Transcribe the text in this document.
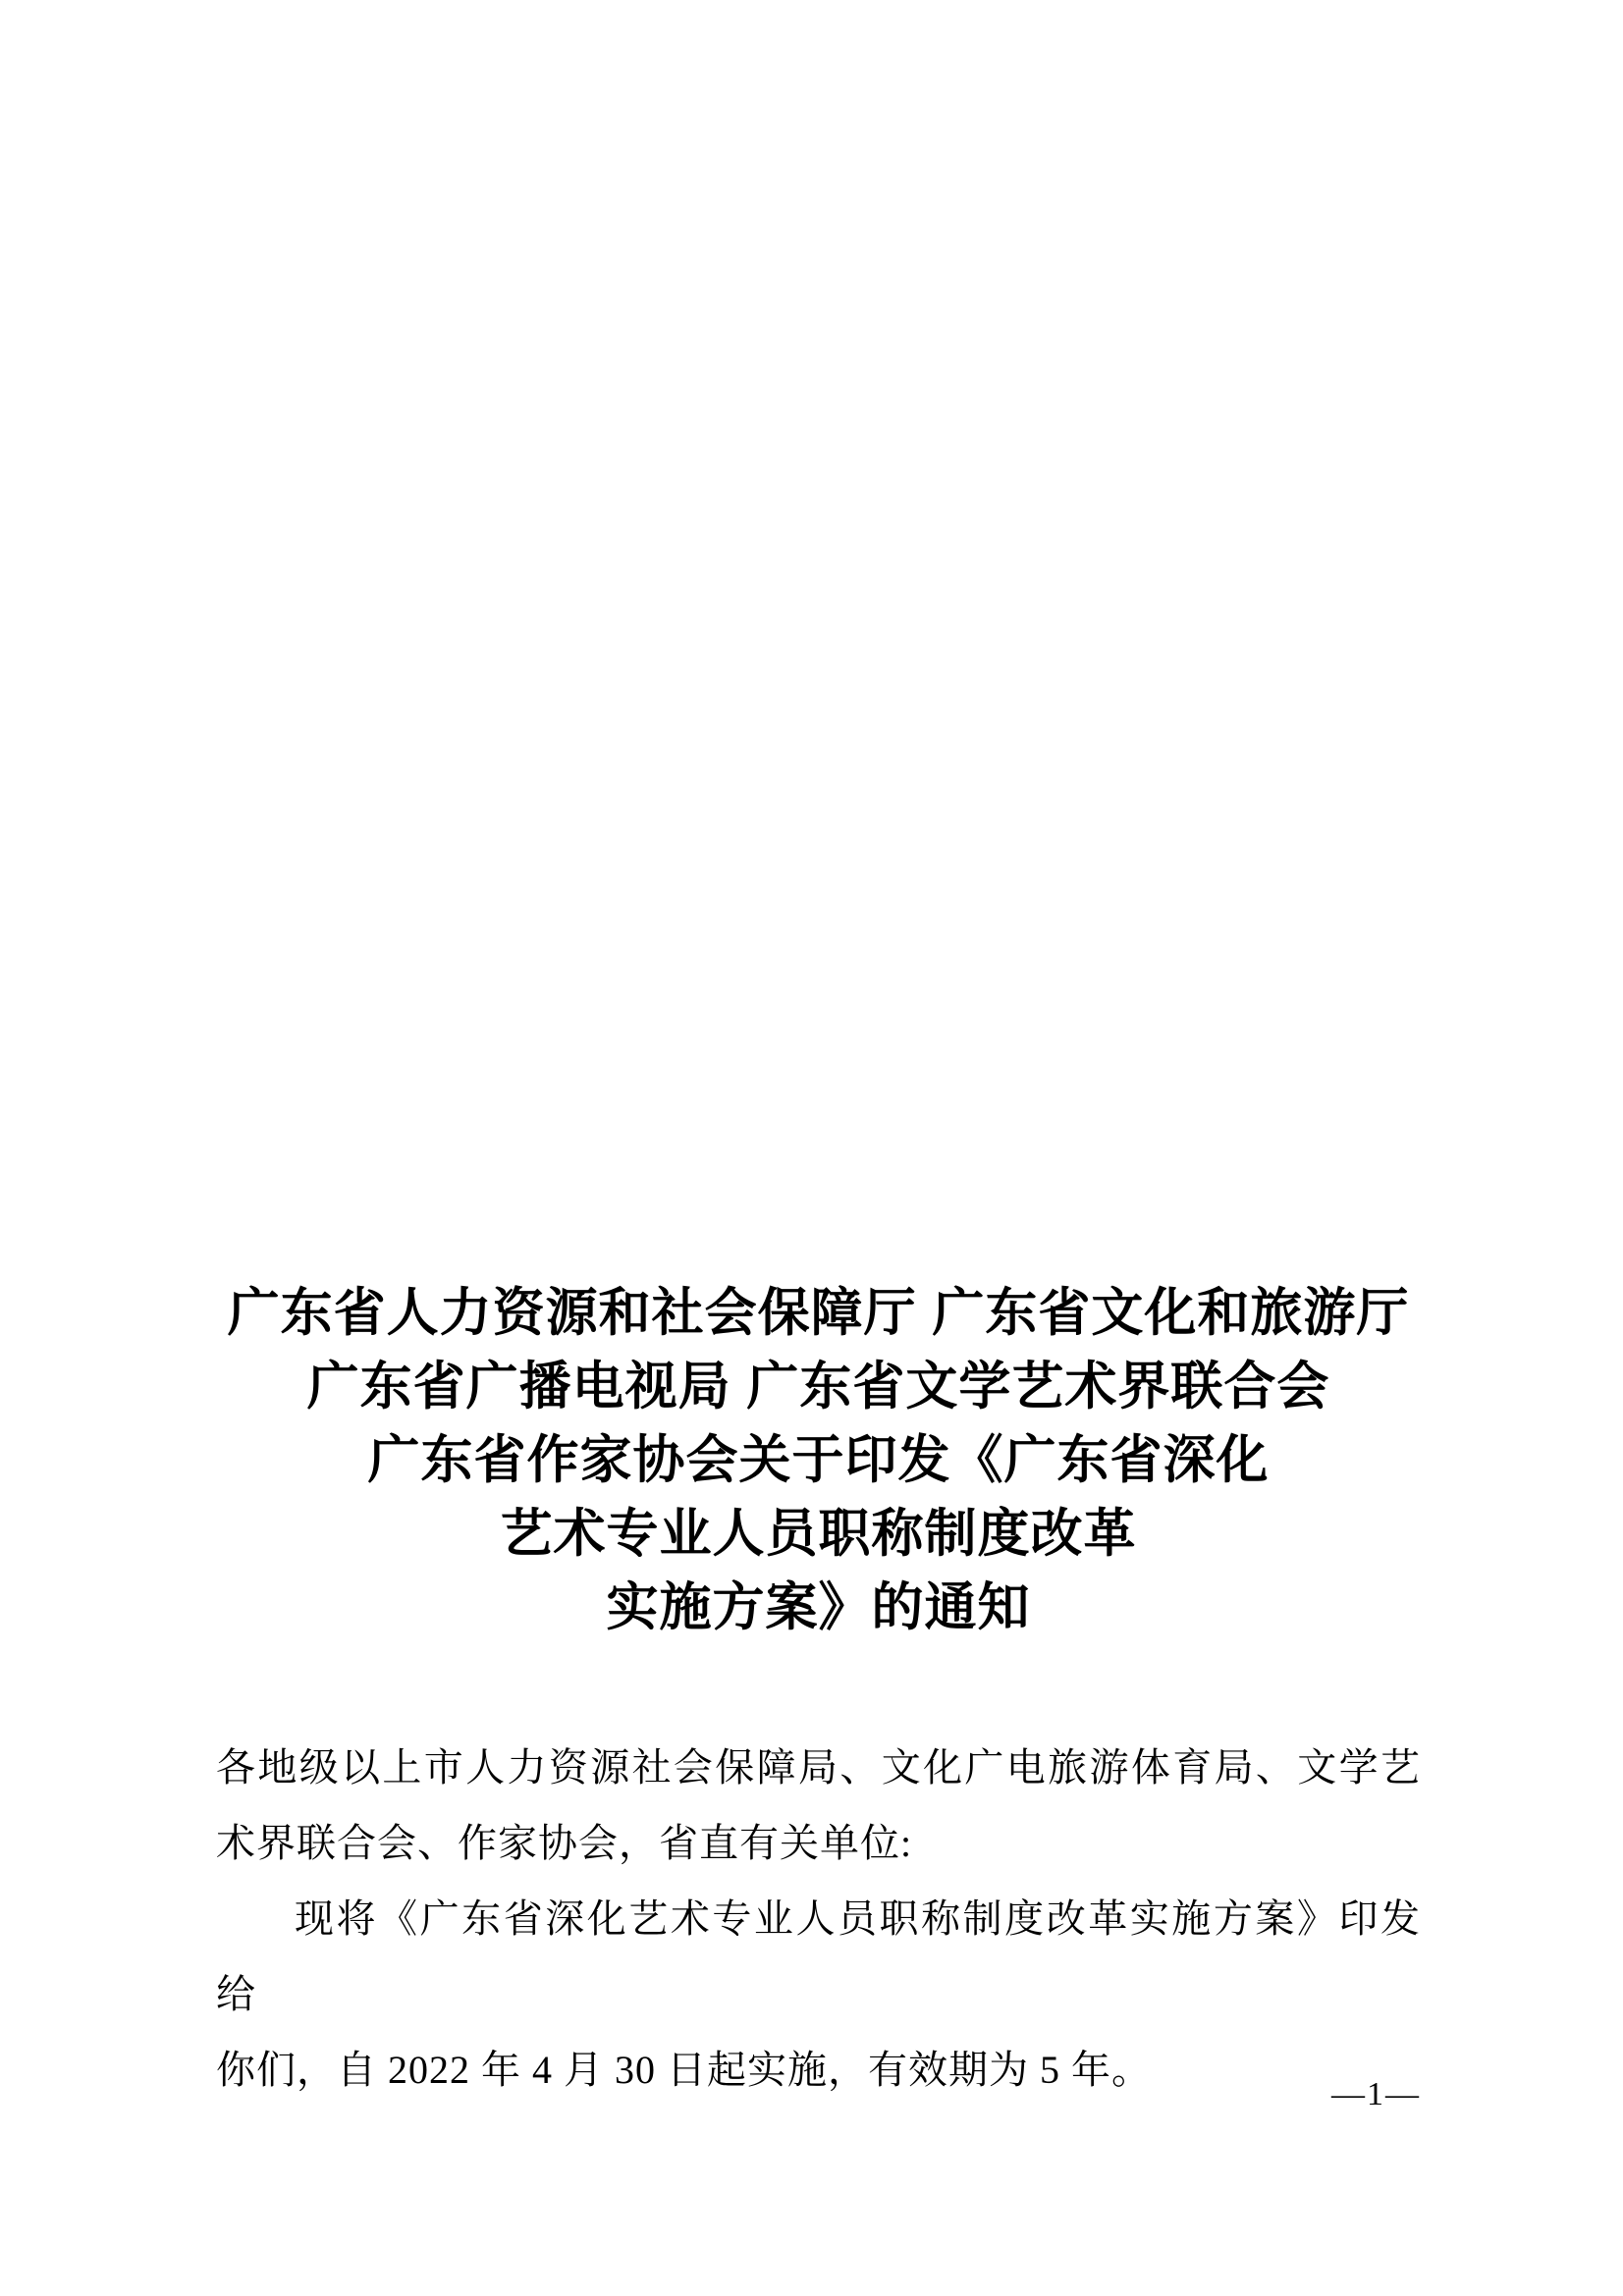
广东省人力资源和社会保障厅 广东省文化和旅游厅
广东省广播电视局 广东省文学艺术界联合会
广东省作家协会关于印发《广东省深化
艺术专业人员职称制度改革
实施方案》的通知
各地级以上市人力资源社会保障局、文化广电旅游体育局、文学艺
术界联合会、作家协会，省直有关单位:
现将《广东省深化艺术专业人员职称制度改革实施方案》印发给
你们，自 2022 年 4 月 30 日起实施，有效期为 5 年。
—1—
